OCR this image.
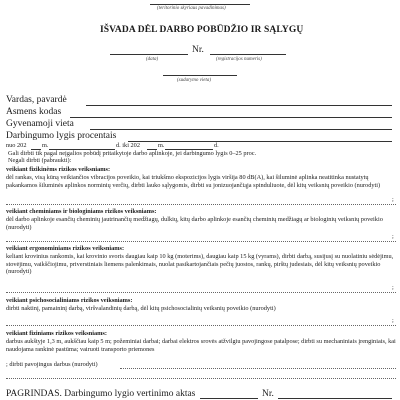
(teritorinio skyriaus pavadinimas)
IŠVADA DĖL DARBO POBŪDŽIO IR SĄLYGŲ
Nr.
(data)	(registracijos numeris)
(sudarymo vieta)
Vardas, pavardė
Asmens kodas
Gyvenamoji vieta
Darbingumo lygis procentais
nuo 202 m.	d. iki 202	m.	d.
Gali dirbti tik pagal neįgalios pobūdį pritaikytoje darbo aplinkoje, jei darbingumo lygis 0–25 proc.
Negali dirbti (pabraukti):
veikiant fizikinėms rizikos veiksniams:
dėl rankas, visą kūną veikiančios vibracijos poveikio, kai triukšmo ekspozicijos lygis viršija 80 dB(A), kai šiluminė aplinka neatitinka nustatytų pakankamos šiluminės aplinkos norminių verčių, dirbti lauko sąlygomis, dirbti su jonizuojančiąja spinduliuote, dėl kitų veiksnių poveikio (nurodyti)
;
veikiant cheminiams ir biologiniams rizikos veiksniams:
dėl darbo aplinkoje esančių cheminių jautrinančių medžiagų, dulkių, kitų darbo aplinkoje esančių cheminių medžiagų ar biologinių veiksnių poveikio (nurodyti)
;
veikiant ergonominiams rizikos veiksniams:
keliant krovinius rankomis, kai krovinio svoris daugiau kaip 10 kg (moterims), daugiau kaip 15 kg (vyrams), dirbti darbą, susijusį su nuolatiniu sėdėjimu, stovėjimu, vaikščiojimu, priverstiniais liemens palenkimais, nuolat pasikartojančiais pečių juostos, rankų, pirštų judesiais, dėl kitų veiksnių poveikio (nurodyti)
;
veikiant psichosocialiniams rizikos veiksniams:
dirbti naktinį, pamaininį darbą, viršvalandinių darbą, dėl kitų psichosocialinių veiksnių poveikio (nurodyti)
;
veikiant fiziniams rizikos veiksniams:
darbus aukštyje 1,3 m, aukščiau kaip 5 m; požeminiai darbai; darbai elektros srovės atžvilgiu pavojingose patalpose; dirbti su mechaniniais įrenginiais, kai naudojama rankinė pastūma; vairuoti transporto priemones
; dirbti pavojingus darbus (nurodyti)
PAGRINDAS. Darbingumo lygio vertinimo aktas	Nr.
